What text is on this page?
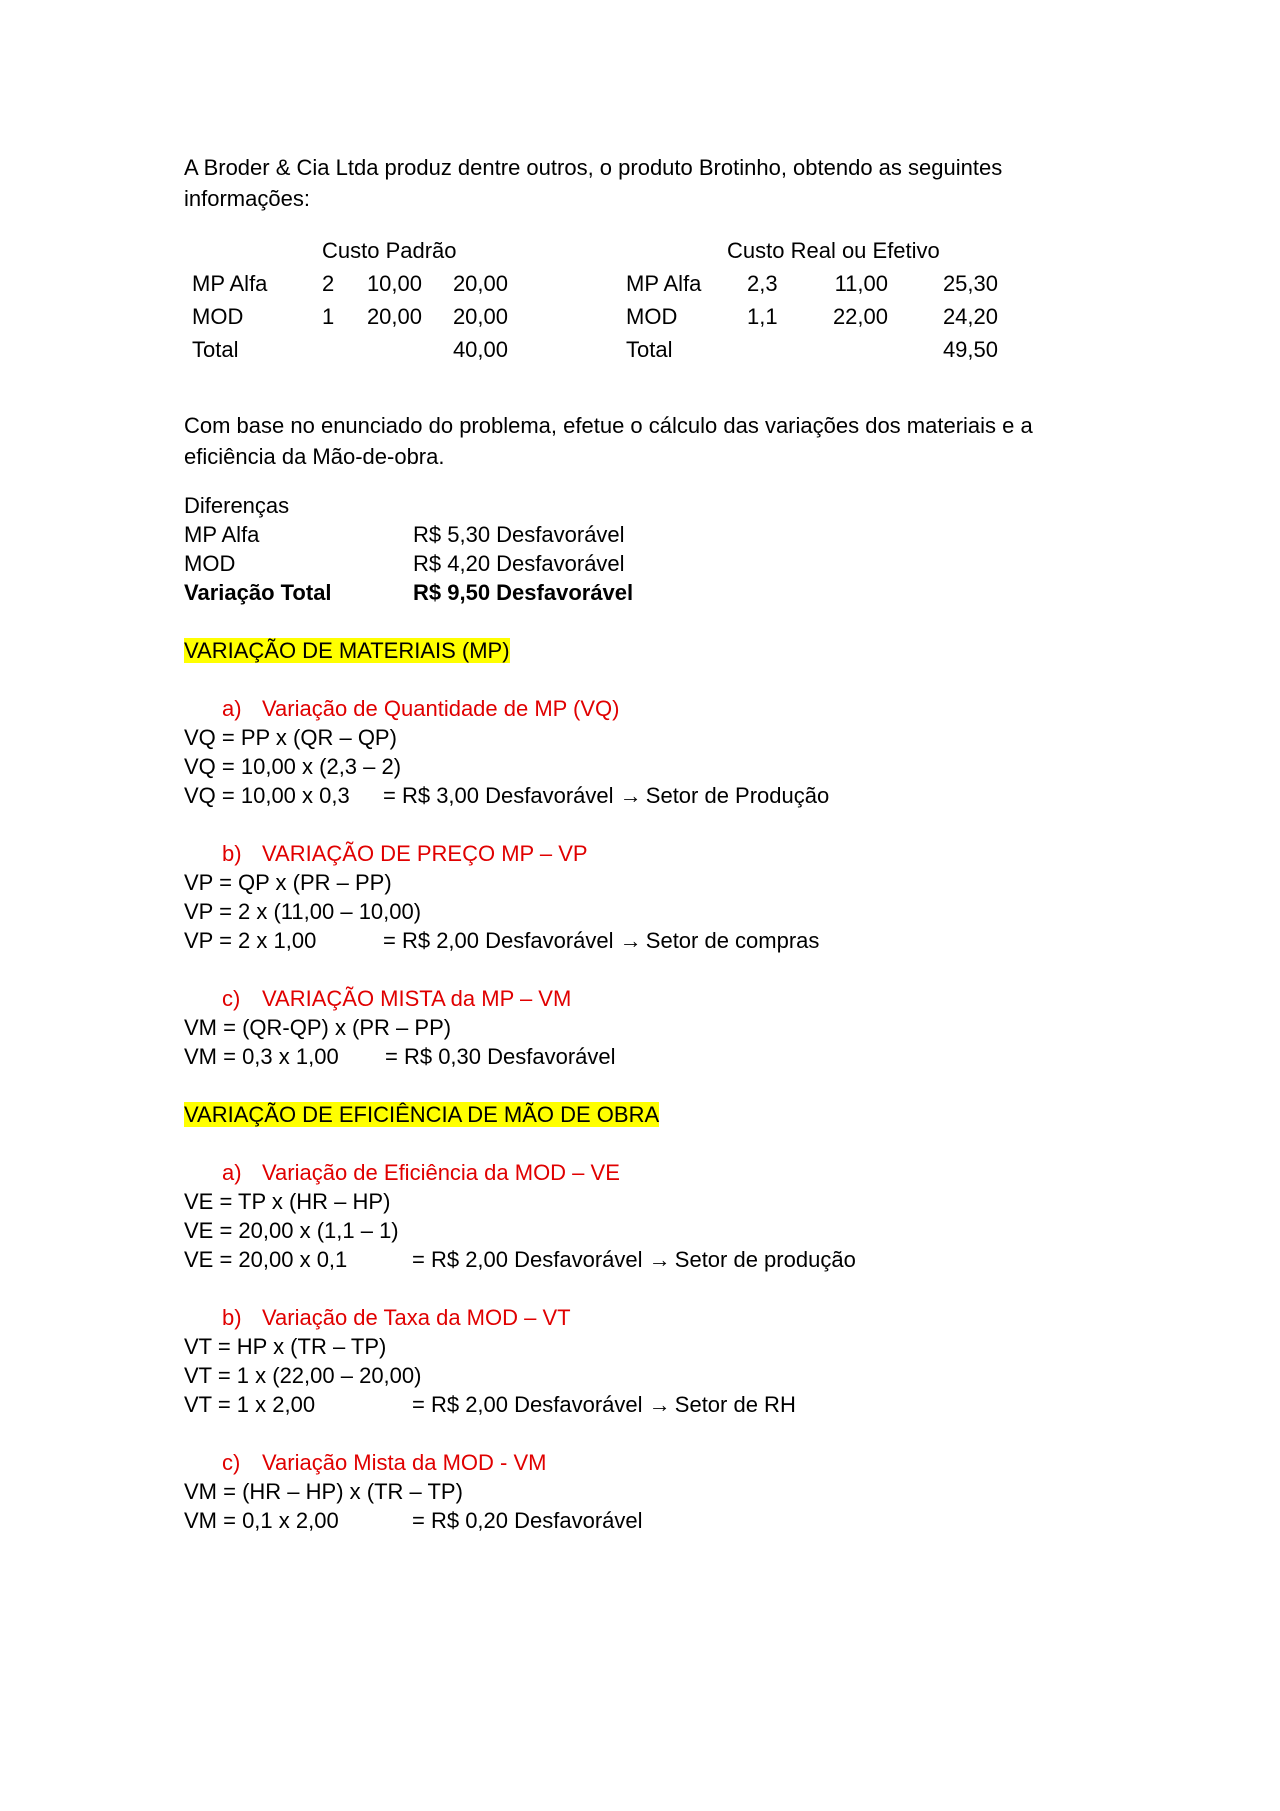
A Broder & Cia Ltda produz dentre outros, o produto Brotinho, obtendo as seguintes
informações:
Custo Padrão
MP Alfa 2	10,00	20,00
MOD	1	20,00	20,00
Total	40,00
Custo Real ou Efetivo
MP Alfa 2,3	11,00	25,30
MOD	1,1	22,00	24,20
Total	49,50
Com base no enunciado do problema, efetue o cálculo das variações dos materiais e a
eficiência da Mão-de-obra.
Diferenças
MP Alfa	R$ 5,30 Desfavorável
MOD	R$ 4,20 Desfavorável
Variação Total	R$ 9,50 Desfavorável
VARIAÇÃO DE MATERIAIS (MP)
a) Variação de Quantidade de MP (VQ)
VQ = PP x (QR – QP)
VQ = 10,00 x (2,3 – 2)
VQ = 10,00 x 0,3 = R$ 3,00 Desfavorável → Setor de Produção
b) VARIAÇÃO DE PREÇO MP – VP
VP = QP x (PR – PP)
VP = 2 x (11,00 – 10,00)
VP = 2 x 1,00	= R$ 2,00 Desfavorável → Setor de compras
c) VARIAÇÃO MISTA da MP – VM
VM = (QR-QP) x (PR – PP)
VM = 0,3 x 1,00 = R$ 0,30 Desfavorável
VARIAÇÃO DE EFICIÊNCIA DE MÃO DE OBRA
a) Variação de Eficiência da MOD – VE
VE = TP x (HR – HP)
VE = 20,00 x (1,1 – 1)
VE = 20,00 x 0,1	= R$ 2,00 Desfavorável → Setor de produção
b) Variação de Taxa da MOD – VT
VT = HP x (TR – TP)
VT = 1 x (22,00 – 20,00)
VT = 1 x 2,00	= R$ 2,00 Desfavorável → Setor de RH
c) Variação Mista da MOD - VM
VM = (HR – HP) x (TR – TP)
VM = 0,1 x 2,00	= R$ 0,20 Desfavorável
